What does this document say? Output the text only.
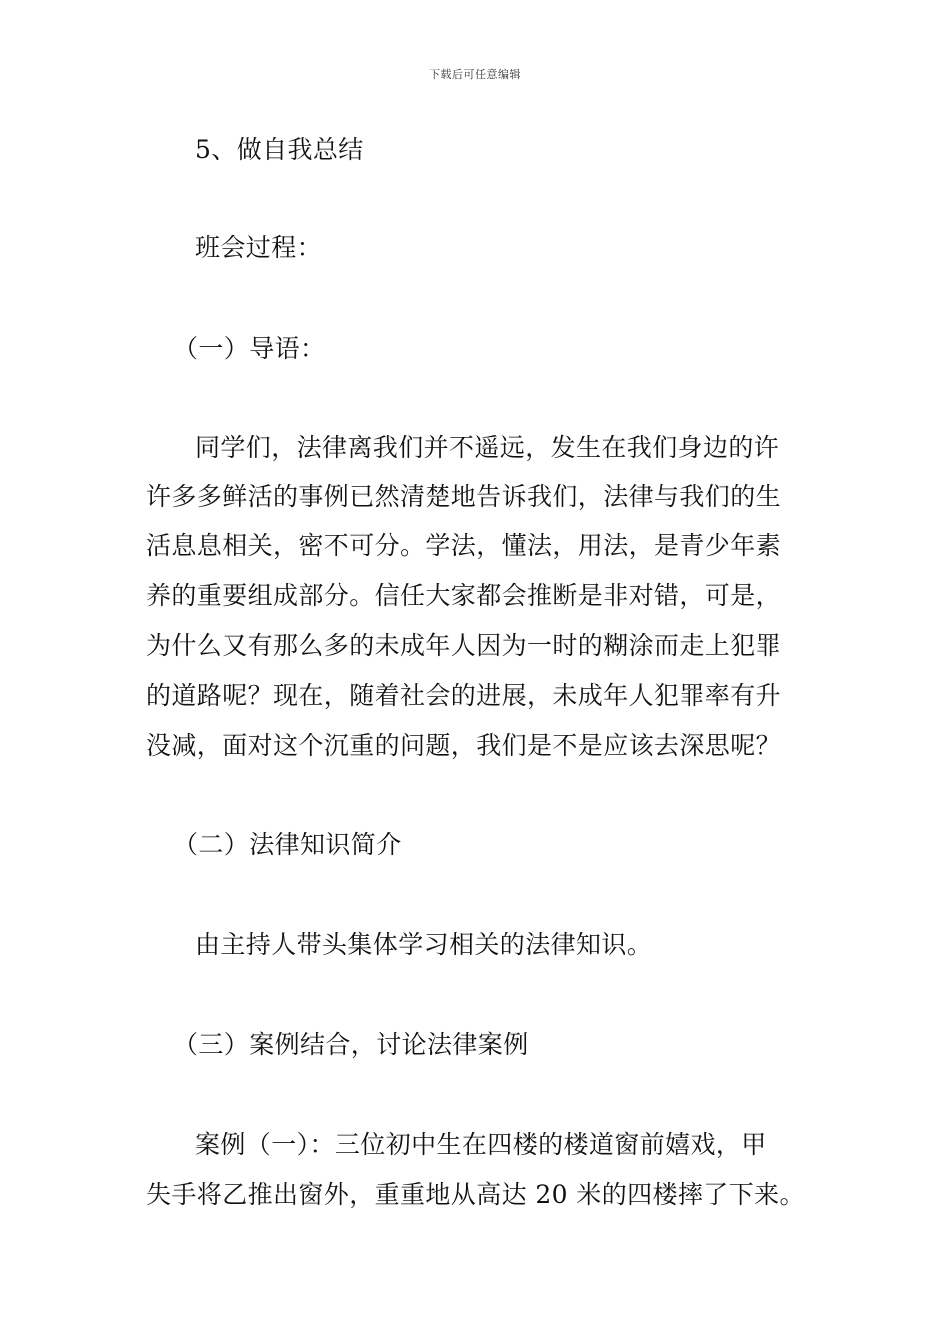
下载后可任意编辑
5、做自我总结
班会过程：
（一）导语：
同学们，法律离我们并不遥远，发生在我们身边的许
许多多鲜活的事例已然清楚地告诉我们，法律与我们的生
活息息相关，密不可分。学法，懂法，用法，是青少年素
养的重要组成部分。信任大家都会推断是非对错，可是，
为什么又有那么多的未成年人因为一时的糊涂而走上犯罪
的道路呢？现在，随着社会的进展，未成年人犯罪率有升
没减，面对这个沉重的问题，我们是不是应该去深思呢？
（二）法律知识简介
由主持人带头集体学习相关的法律知识。
（三）案例结合，讨论法律案例
案例（一）：三位初中生在四楼的楼道窗前嬉戏，甲
失手将乙推出窗外，重重地从高达 20 米的四楼摔了下来。
